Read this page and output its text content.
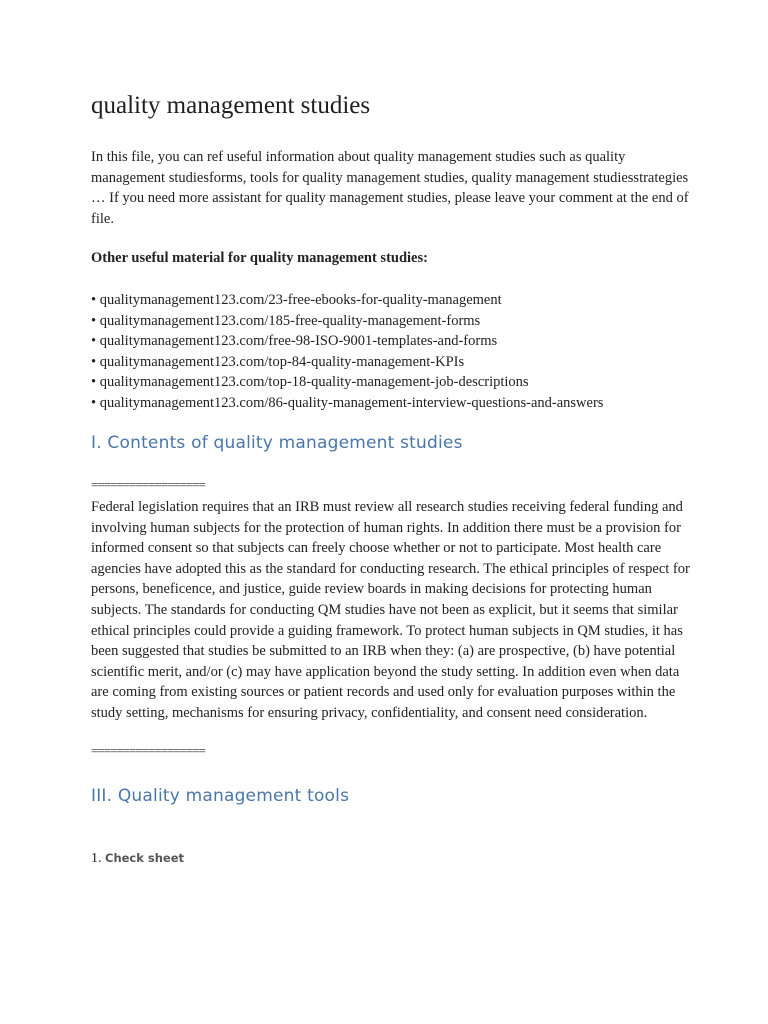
quality management studies

In this file, you can ref useful information about quality management studies such as quality management studiesforms, tools for quality management studies, quality management studiesstrategies … If you need more assistant for quality management studies, please leave your comment at the end of file.

Other useful material for quality management studies:

• qualitymanagement123.com/23-free-ebooks-for-quality-management
• qualitymanagement123.com/185-free-quality-management-forms
• qualitymanagement123.com/free-98-ISO-9001-templates-and-forms
• qualitymanagement123.com/top-84-quality-management-KPIs
• qualitymanagement123.com/top-18-quality-management-job-descriptions
• qualitymanagement123.com/86-quality-management-interview-questions-and-answers
I. Contents of quality management studies

==================

Federal legislation requires that an IRB must review all research studies receiving federal funding and involving human subjects for the protection of human rights. In addition there must be a provision for informed consent so that subjects can freely choose whether or not to participate. Most health care agencies have adopted this as the standard for conducting research. The ethical principles of respect for persons, beneficence, and justice, guide review boards in making decisions for protecting human subjects. The standards for conducting QM studies have not been as explicit, but it seems that similar ethical principles could provide a guiding framework. To protect human subjects in QM studies, it has been suggested that studies be submitted to an IRB when they: (a) are prospective, (b) have potential scientific merit, and/or (c) may have application beyond the study setting. In addition even when data are coming from existing sources or patient records and used only for evaluation purposes within the study setting, mechanisms for ensuring privacy, confidentiality, and consent need consideration.

==================

III. Quality management tools

1. Check sheet
